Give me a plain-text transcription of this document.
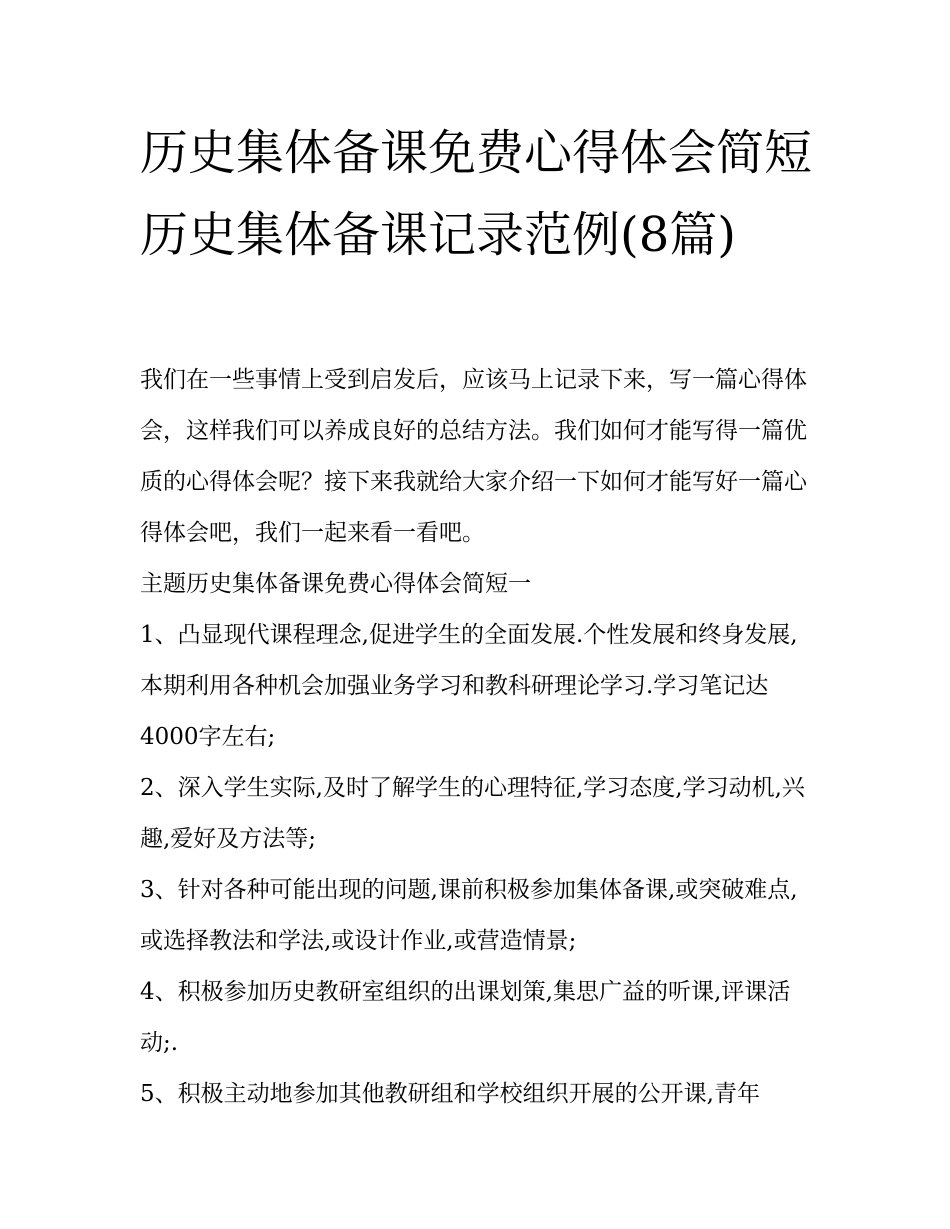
历史集体备课免费心得体会简短 历史集体备课记录范例(8篇)

我们在一些事情上受到启发后，应该马上记录下来，写一篇心得体会，这样我们可以养成良好的总结方法。我们如何才能写得一篇优质的心得体会呢？接下来我就给大家介绍一下如何才能写好一篇心得体会吧，我们一起来看一看吧。

主题历史集体备课免费心得体会简短一

1、凸显现代课程理念,促进学生的全面发展.个性发展和终身发展,本期利用各种机会加强业务学习和教科研理论学习.学习笔记达4000字左右;

2、深入学生实际,及时了解学生的心理特征,学习态度,学习动机,兴趣,爱好及方法等;

3、针对各种可能出现的问题,课前积极参加集体备课,或突破难点,或选择教法和学法,或设计作业,或营造情景;

4、积极参加历史教研室组织的出课划策,集思广益的听课,评课活动;.

5、积极主动地参加其他教研组和学校组织开展的公开课,青年
